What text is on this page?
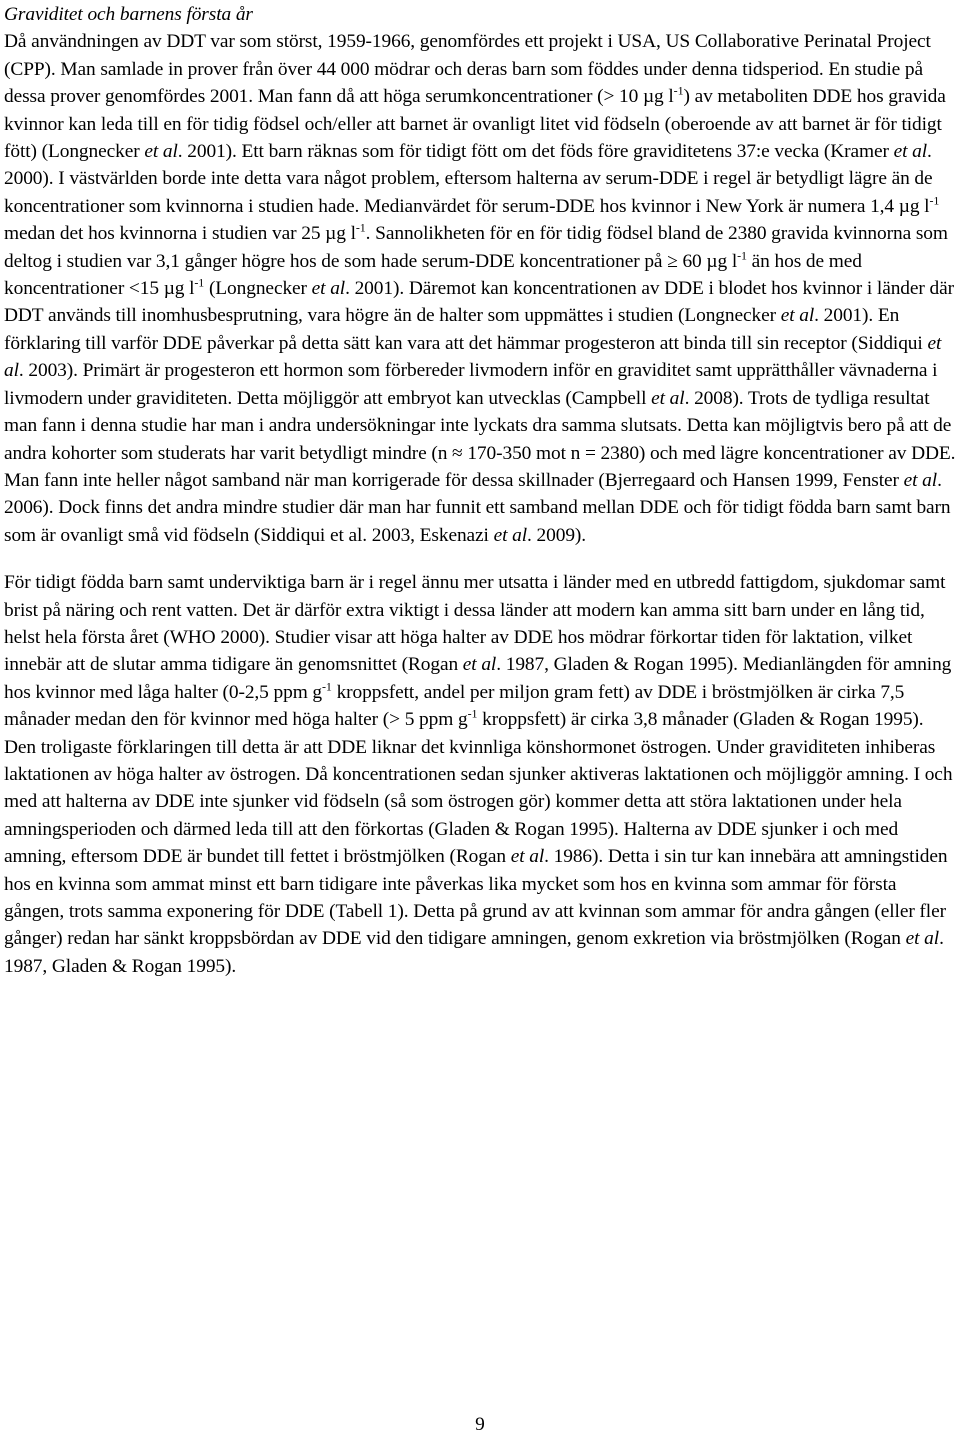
Graviditet och barnens första år

Då användningen av DDT var som störst, 1959-1966, genomfördes ett projekt i USA, US Collaborative Perinatal Project (CPP). Man samlade in prover från över 44 000 mödrar och deras barn som föddes under denna tidsperiod. En studie på dessa prover genomfördes 2001. Man fann då att höga serumkoncentrationer (> 10 µg $l^{-1}$) av metaboliten DDE hos gravida kvinnor kan leda till en för tidig födsel och/eller att barnet är ovanligt litet vid födseln (oberoende av att barnet är för tidigt fött) (Longnecker et al. 2001). Ett barn räknas som för tidigt fött om det föds före graviditetens 37:e vecka (Kramer et al. 2000). I västvärlden borde inte detta vara något problem, eftersom halterna av serum-DDE i regel är betydligt lägre än de koncentrationer som kvinnorna i studien hade. Medianvärdet för serum-DDE hos kvinnor i New York är numera 1,4 µg $l^{-1}$ medan det hos kvinnorna i studien var 25 µg $l^{-1}$. Sannolikheten för en för tidig födsel bland de 2380 gravida kvinnorna som deltog i studien var 3,1 gånger högre hos de som hade serum-DDE koncentrationer på ≥ 60 µg $l^{-1}$ än hos de med koncentrationer <15 µg $l^{-1}$ (Longnecker et al. 2001). Däremot kan koncentrationen av DDE i blodet hos kvinnor i länder där DDT används till inomhusbesprutning, vara högre än de halter som uppmättes i studien (Longnecker et al. 2001). En förklaring till varför DDE påverkar på detta sätt kan vara att det hämmar progesteron att binda till sin receptor (Siddiqui et al. 2003). Primärt är progesteron ett hormon som förbereder livmodern inför en graviditet samt upprätthåller vävnaderna i livmodern under graviditeten. Detta möjliggör att embryot kan utvecklas (Campbell et al. 2008). Trots de tydliga resultat man fann i denna studie har man i andra undersökningar inte lyckats dra samma slutsats. Detta kan möjligtvis bero på att de andra kohorter som studerats har varit betydligt mindre (n ≈ 170-350 mot n = 2380) och med lägre koncentrationer av DDE. Man fann inte heller något samband när man korrigerade för dessa skillnader (Bjerregaard och Hansen 1999, Fenster et al. 2006). Dock finns det andra mindre studier där man har funnit ett samband mellan DDE och för tidigt födda barn samt barn som är ovanligt små vid födseln (Siddiqui et al. 2003, Eskenazi et al. 2009).

För tidigt födda barn samt underviktiga barn är i regel ännu mer utsatta i länder med en utbredd fattigdom, sjukdomar samt brist på näring och rent vatten. Det är därför extra viktigt i dessa länder att modern kan amma sitt barn under en lång tid, helst hela första året (WHO 2000). Studier visar att höga halter av DDE hos mödrar förkortar tiden för laktation, vilket innebär att de slutar amma tidigare än genomsnittet (Rogan et al. 1987, Gladen & Rogan 1995). Medianlängden för amning hos kvinnor med låga halter (0-2,5 ppm $g^{-1}$ kroppsfett, andel per miljon gram fett) av DDE i bröstmjölken är cirka 7,5 månader medan den för kvinnor med höga halter (> 5 ppm $g^{-1}$ kroppsfett) är cirka 3,8 månader (Gladen & Rogan 1995). Den troligaste förklaringen till detta är att DDE liknar det kvinnliga könshormonet östrogen. Under graviditeten inhiberas laktationen av höga halter av östrogen. Då koncentrationen sedan sjunker aktiveras laktationen och möjliggör amning. I och med att halterna av DDE inte sjunker vid födseln (så som östrogen gör) kommer detta att störa laktationen under hela amningsperioden och därmed leda till att den förkortas (Gladen & Rogan 1995). Halterna av DDE sjunker i och med amning, eftersom DDE är bundet till fettet i bröstmjölken (Rogan et al. 1986). Detta i sin tur kan innebära att amningstiden hos en kvinna som ammat minst ett barn tidigare inte påverkas lika mycket som hos en kvinna som ammar för första gången, trots samma exponering för DDE (Tabell 1). Detta på grund av att kvinnan som ammar för andra gången (eller fler gånger) redan har sänkt kroppsbördan av DDE vid den tidigare amningen, genom exkretion via bröstmjölken (Rogan et al. 1987, Gladen & Rogan 1995).

9
